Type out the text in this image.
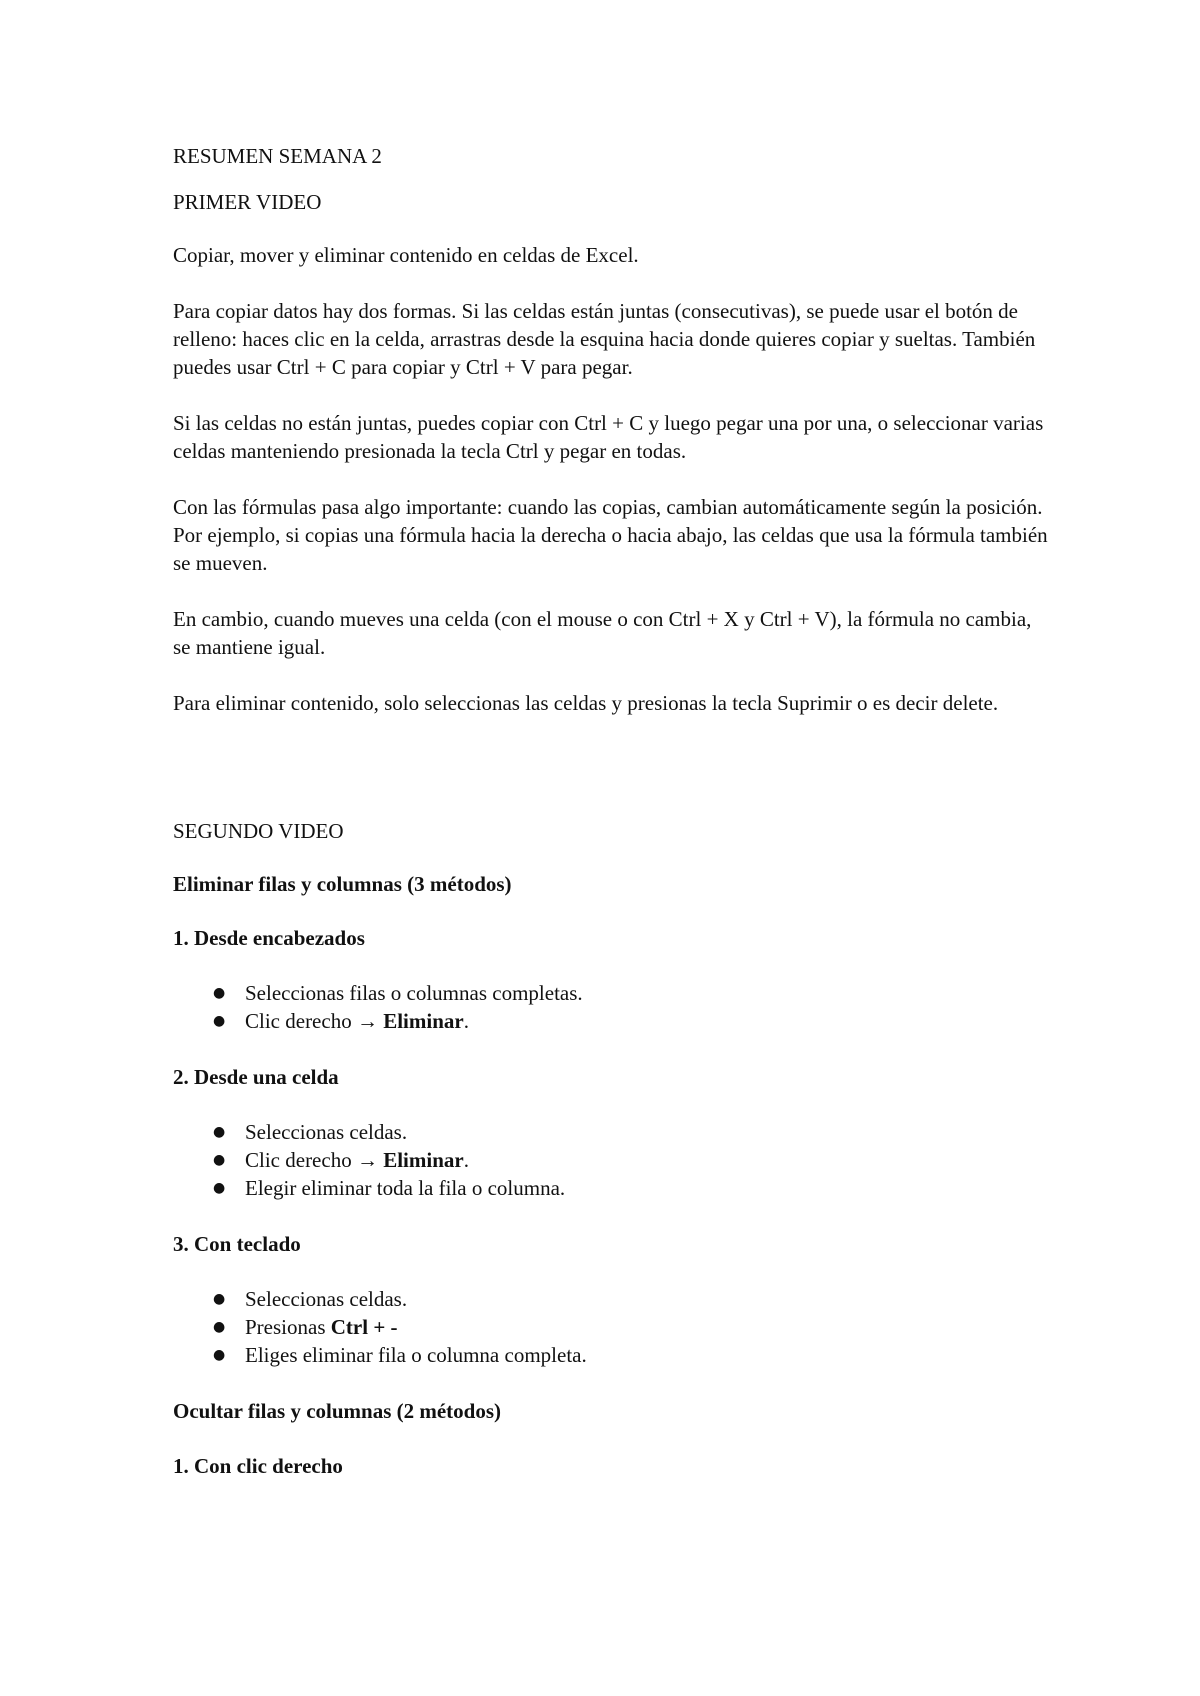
RESUMEN SEMANA 2

PRIMER VIDEO

Copiar, mover y eliminar contenido en celdas de Excel.

Para copiar datos hay dos formas. Si las celdas están juntas (consecutivas), se puede usar el botón de relleno: haces clic en la celda, arrastras desde la esquina hacia donde quieres copiar y sueltas. También puedes usar Ctrl + C para copiar y Ctrl + V para pegar.

Si las celdas no están juntas, puedes copiar con Ctrl + C y luego pegar una por una, o seleccionar varias celdas manteniendo presionada la tecla Ctrl y pegar en todas.

Con las fórmulas pasa algo importante: cuando las copias, cambian automáticamente según la posición. Por ejemplo, si copias una fórmula hacia la derecha o hacia abajo, las celdas que usa la fórmula también se mueven.

En cambio, cuando mueves una celda (con el mouse o con Ctrl + X y Ctrl + V), la fórmula no cambia, se mantiene igual.

Para eliminar contenido, solo seleccionas las celdas y presionas la tecla Suprimir o es decir delete.

SEGUNDO VIDEO

Eliminar filas y columnas (3 métodos)

1. Desde encabezados

● Seleccionas filas o columnas completas.
● Clic derecho → Eliminar.

2. Desde una celda

● Seleccionas celdas.
● Clic derecho → Eliminar.
● Elegir eliminar toda la fila o columna.

3. Con teclado

● Seleccionas celdas.
● Presionas Ctrl + -
● Eliges eliminar fila o columna completa.

Ocultar filas y columnas (2 métodos)

1. Con clic derecho
